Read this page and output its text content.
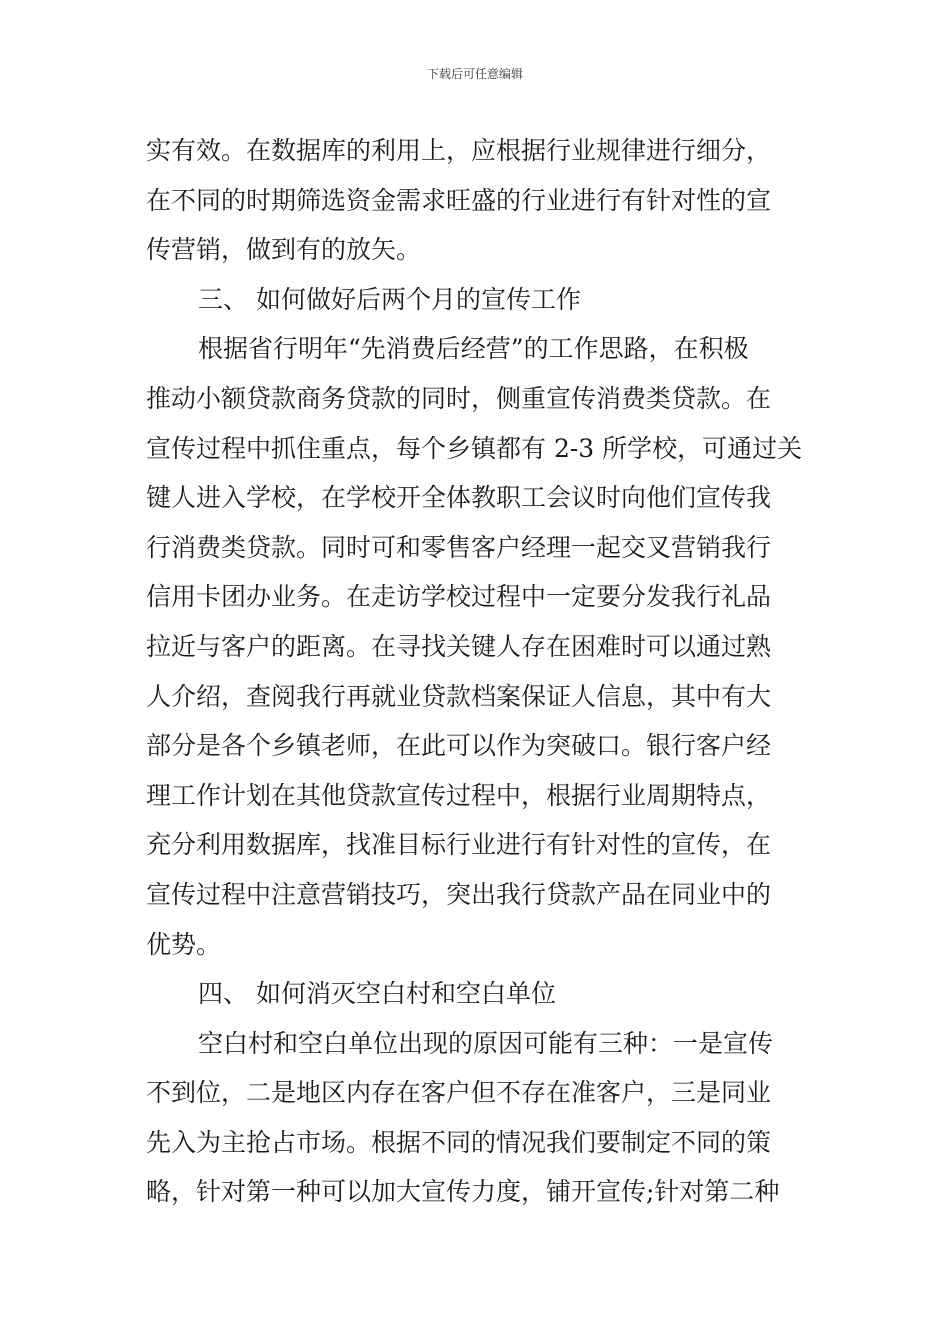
下载后可任意编辑
实有效。在数据库的利用上，应根据行业规律进行细分，
在不同的时期筛选资金需求旺盛的行业进行有针对性的宣
传营销，做到有的放矢。
三、 如何做好后两个月的宣传工作
根据省行明年“先消费后经营”的工作思路，在积极
推动小额贷款商务贷款的同时，侧重宣传消费类贷款。在
宣传过程中抓住重点，每个乡镇都有 2-3 所学校，可通过关
键人进入学校，在学校开全体教职工会议时向他们宣传我
行消费类贷款。同时可和零售客户经理一起交叉营销我行
信用卡团办业务。在走访学校过程中一定要分发我行礼品
拉近与客户的距离。在寻找关键人存在困难时可以通过熟
人介绍，查阅我行再就业贷款档案保证人信息，其中有大
部分是各个乡镇老师，在此可以作为突破口。银行客户经
理工作计划在其他贷款宣传过程中，根据行业周期特点，
充分利用数据库，找准目标行业进行有针对性的宣传，在
宣传过程中注意营销技巧，突出我行贷款产品在同业中的
优势。
四、 如何消灭空白村和空白单位
空白村和空白单位出现的原因可能有三种：一是宣传
不到位，二是地区内存在客户但不存在准客户，三是同业
先入为主抢占市场。根据不同的情况我们要制定不同的策
略，针对第一种可以加大宣传力度，铺开宣传;针对第二种
